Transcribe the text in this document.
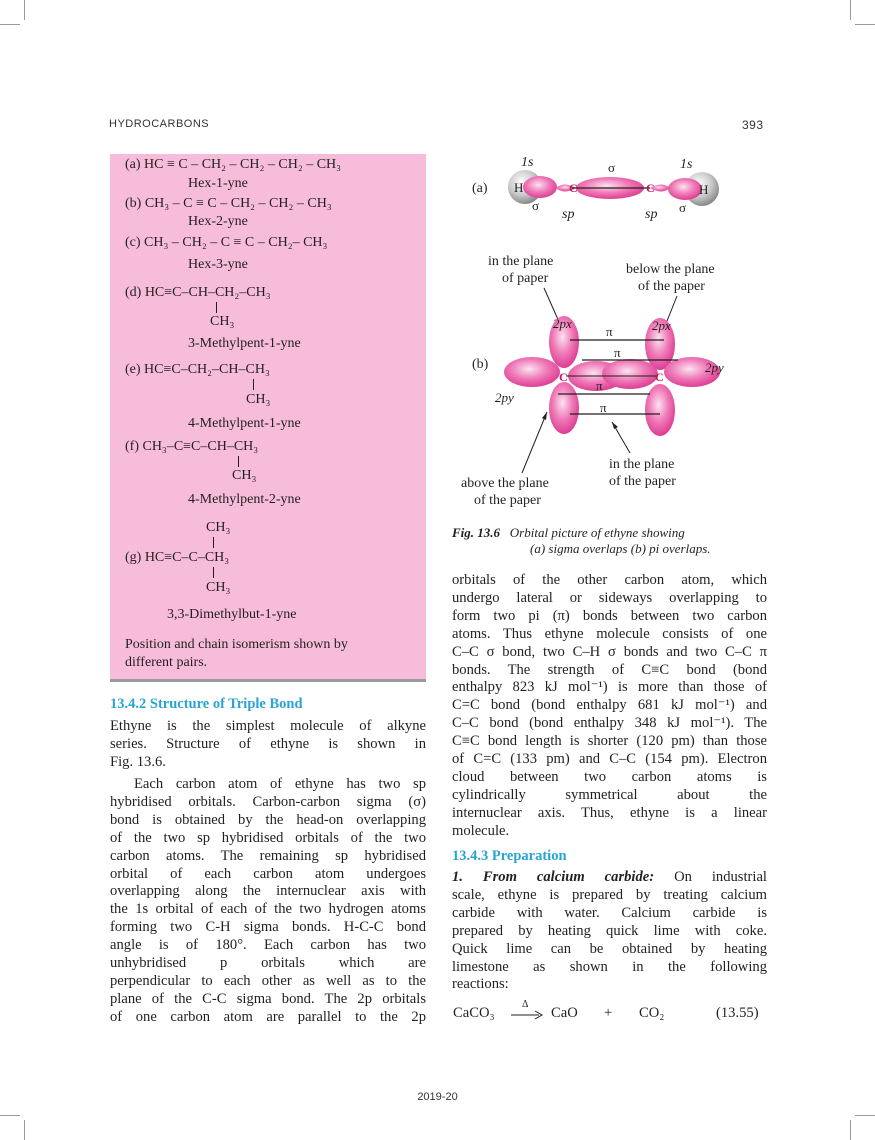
HYDROCARBONS	393
(a) HC ≡ C – CH₂ – CH₂ – CH₂ – CH₃
Hex-1-yne
(b) CH₃ – C ≡ C – CH₂ – CH₂ – CH₃
Hex-2-yne
(c) CH₃ – CH₂ – C ≡ C – CH₂– CH₃
Hex-3-yne
(d) HC≡C–CH–CH₂–CH₃
CH₃
3-Methylpent-1-yne
(e) HC≡C–CH₂–CH–CH₃
CH₃
4-Methylpent-1-yne
(f) CH₃–C≡C–CH–CH₃
CH₃
4-Methylpent-2-yne
CH₃
(g) HC≡C–C–CH₃
CH₃
3,3-Dimethylbut-1-yne
Position and chain isomerism shown by
different pairs.
13.4.2 Structure of Triple Bond
Ethyne is the simplest molecule of alkyne
series. Structure of ethyne is shown in
Fig. 13.6.
Each carbon atom of ethyne has two sp
hybridised orbitals. Carbon-carbon sigma (σ)
bond is obtained by the head-on overlapping
of the two sp hybridised orbitals of the two
carbon atoms. The remaining sp hybridised
orbital of each carbon atom undergoes
overlapping along the internuclear axis with
the 1s orbital of each of the two hydrogen atoms
forming two C-H sigma bonds. H-C-C bond
angle is of 180°. Each carbon has two
unhybridised p orbitals which are
perpendicular to each other as well as to the
plane of the C-C sigma bond. The 2p orbitals
of one carbon atom are parallel to the 2p
(a) H	H
C	C
1s	1s
σ
σ	σ
sp	sp
(b)
in the plane
of paper
below the plane
of the paper
π
π
π
π
C	C
2px	2px
2py
2py
above the plane
of the paper
in the plane
of the paper
Fig. 13.6 Orbital picture of ethyne showing
(a) sigma overlaps (b) pi overlaps.
orbitals of the other carbon atom, which
undergo lateral or sideways overlapping to
form two pi (π) bonds between two carbon
atoms. Thus ethyne molecule consists of one
C–C σ bond, two C–H σ bonds and two C–C π
bonds. The strength of C≡C bond (bond
enthalpy 823 kJ mol⁻¹) is more than those of
C=C bond (bond enthalpy 681 kJ mol⁻¹) and
C–C bond (bond enthalpy 348 kJ mol⁻¹). The
C≡C bond length is shorter (120 pm) than those
of C=C (133 pm) and C–C (154 pm). Electron
cloud between two carbon atoms is
cylindrically symmetrical about the
internuclear axis. Thus, ethyne is a linear
molecule.
13.4.3 Preparation
1. From calcium carbide: On industrial
scale, ethyne is prepared by treating calcium
carbide with water. Calcium carbide is
prepared by heating quick lime with coke.
Quick lime can be obtained by heating
limestone as shown in the following
reactions:
CaCO₃
Δ
→ CaO + CO₂	(13.55)
2019-20
